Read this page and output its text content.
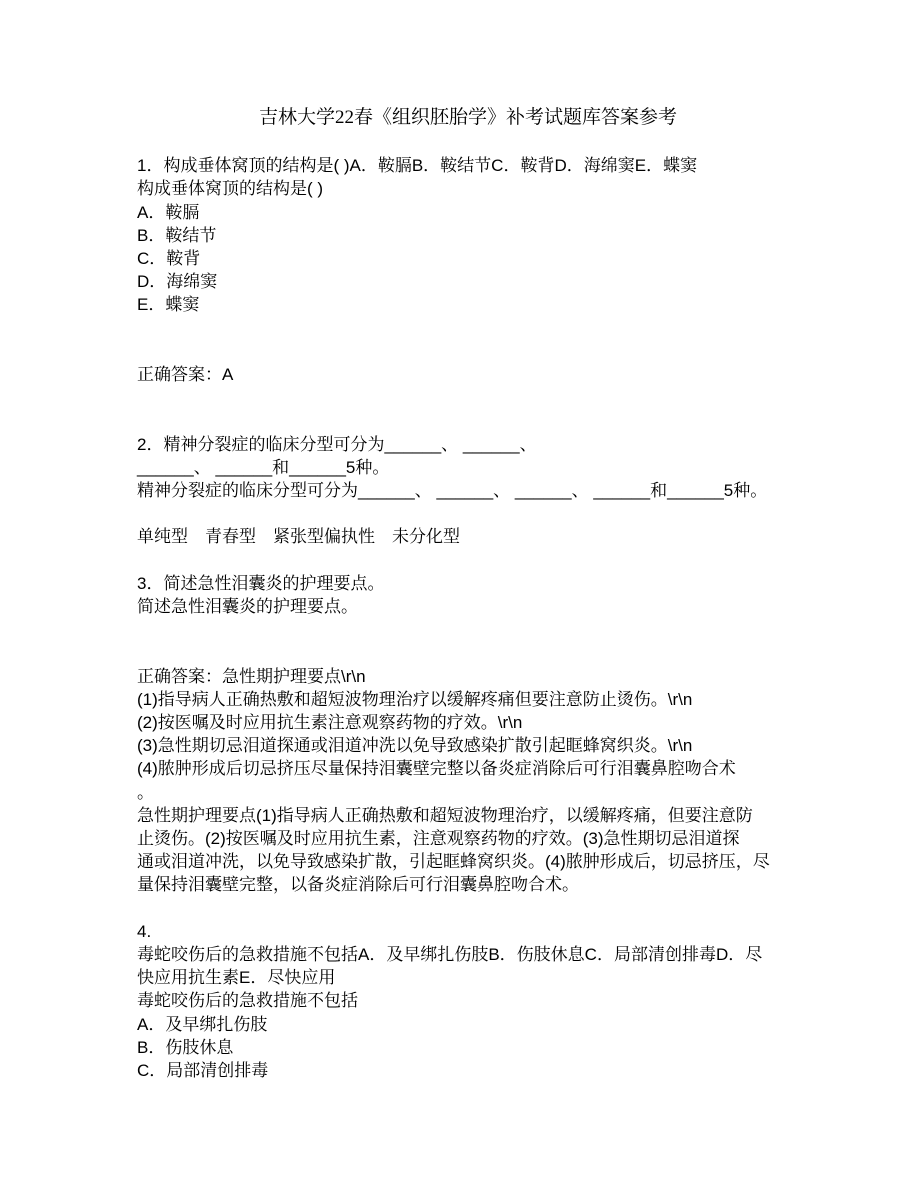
吉林大学22春《组织胚胎学》补考试题库答案参考
1．构成垂体窝顶的结构是( )A．鞍膈B．鞍结节C．鞍背D．海绵窦E．蝶窦
构成垂体窝顶的结构是( )
A．鞍膈
B．鞍结节
C．鞍背
D．海绵窦
E．蝶窦
正确答案：A
2．精神分裂症的临床分型可分为______、 ______、
______、 ______和______5种。
精神分裂症的临床分型可分为______、 ______、 ______、 ______和______5种。
单纯型　青春型　紧张型偏执性　未分化型
3．简述急性泪囊炎的护理要点。
简述急性泪囊炎的护理要点。
正确答案：急性期护理要点\r\n
(1)指导病人正确热敷和超短波物理治疗以缓解疼痛但要注意防止烫伤。\r\n
(2)按医嘱及时应用抗生素注意观察药物的疗效。\r\n
(3)急性期切忌泪道探通或泪道冲洗以免导致感染扩散引起眶蜂窝织炎。\r\n
(4)脓肿形成后切忌挤压尽量保持泪囊壁完整以备炎症消除后可行泪囊鼻腔吻合术
。
急性期护理要点(1)指导病人正确热敷和超短波物理治疗，以缓解疼痛，但要注意防
止烫伤。(2)按医嘱及时应用抗生素，注意观察药物的疗效。(3)急性期切忌泪道探
通或泪道冲洗，以免导致感染扩散，引起眶蜂窝织炎。(4)脓肿形成后，切忌挤压，尽
量保持泪囊壁完整，以备炎症消除后可行泪囊鼻腔吻合术。
4.
毒蛇咬伤后的急救措施不包括A．及早绑扎伤肢B．伤肢休息C．局部清创排毒D．尽
快应用抗生素E．尽快应用
毒蛇咬伤后的急救措施不包括
A．及早绑扎伤肢
B．伤肢休息
C．局部清创排毒
